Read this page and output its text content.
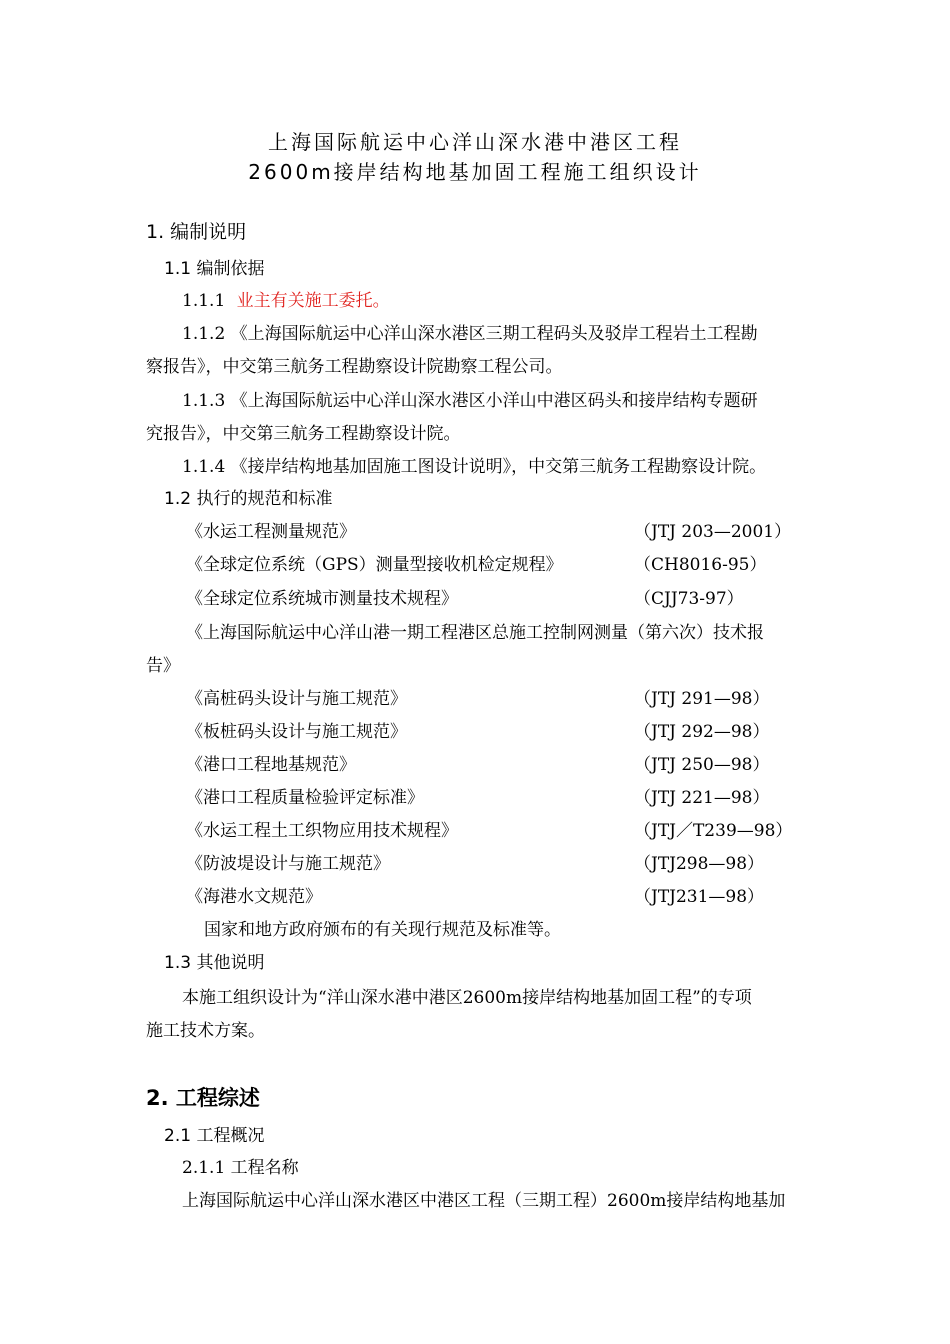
上海国际航运中心洋山深水港中港区工程
2600m接岸结构地基加固工程施工组织设计
1. 编制说明
1.1 编制依据
1.1.1 业主有关施工委托。
1.1.2 《上海国际航运中心洋山深水港区三期工程码头及驳岸工程岩土工程勘
察报告》，中交第三航务工程勘察设计院勘察工程公司。
1.1.3 《上海国际航运中心洋山深水港区小洋山中港区码头和接岸结构专题研
究报告》，中交第三航务工程勘察设计院。
1.1.4 《接岸结构地基加固施工图设计说明》，中交第三航务工程勘察设计院。
1.2 执行的规范和标准
《水运工程测量规范》	（JTJ 203—2001）
《全球定位系统（GPS）测量型接收机检定规程》	（CH8016-95）
《全球定位系统城市测量技术规程》	（CJJ73-97）
《上海国际航运中心洋山港一期工程港区总施工控制网测量（第六次）技术报
告》
《高桩码头设计与施工规范》	（JTJ 291—98）
《板桩码头设计与施工规范》	（JTJ 292—98）
《港口工程地基规范》	（JTJ 250—98）
《港口工程质量检验评定标准》	（JTJ 221—98）
《水运工程土工织物应用技术规程》	（JTJ／T239—98）
《防波堤设计与施工规范》	（JTJ298—98）
《海港水文规范》	（JTJ231—98）
国家和地方政府颁布的有关现行规范及标准等。
1.3 其他说明
本施工组织设计为“洋山深水港中港区2600m接岸结构地基加固工程”的专项
施工技术方案。
2. 工程综述
2.1 工程概况
2.1.1 工程名称
上海国际航运中心洋山深水港区中港区工程（三期工程）2600m接岸结构地基加
